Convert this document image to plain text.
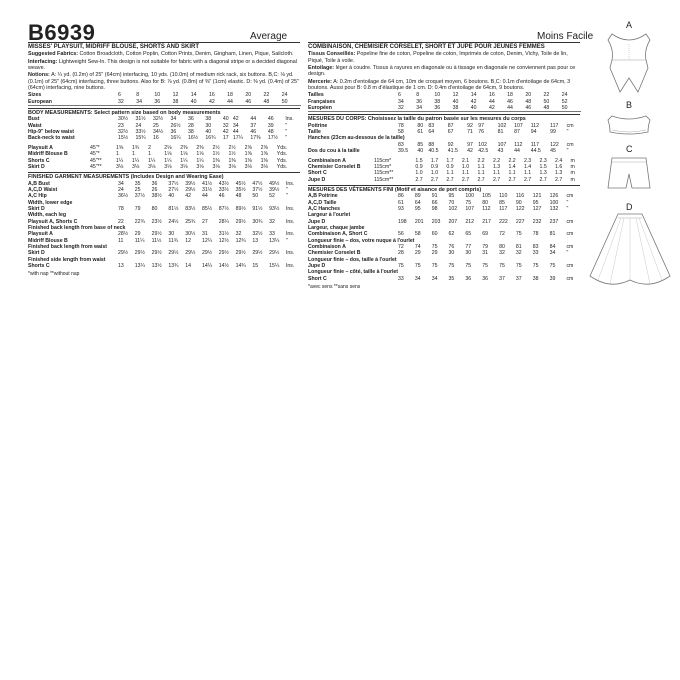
B6939	Average	Moins Facile
MISSES' PLAYSUIT, MIDRIFF BLOUSE, SHORTS AND SKIRT
Suggested Fabrics: Cotton Broadcloth, Cotton Poplin, Cotton Prints, Denim, Gingham, Linen, Pique, Sailcloth.
Interfacing: Lightweight Sew-In. This design is not suitable for fabric with a diagonal stripe or a decided diagonal weave.
Notions: A: ¼ yd. (0.2m) of 25" (64cm) interfacing, 10 yds. (10.0m) of medium rick rack, six buttons. B,C: ⅛ yd. (0.1m) of 25" (64cm) interfacing, three buttons. Also for B: ⅞ yd. (0.8m) of ⅜" (1cm) elastic. D: ⅜ yd. (0.4m) of 25" (64cm) interfacing, nine buttons.
Sizes	6	8	10	12	14	16	18	20	22	24	
European	32	34	36	38	40	42	44	46	48	50	
BODY MEASUREMENTS: Select pattern size based on body measurements
Bust	30½	31½	32½	34	36	38	40	42	44	46	Ins.
Waist	23	24	25	26½	28	30	32	34	37	39	"
Hip-9" below waist	32½	33½	34½	36	38	40	42	44	46	48	"
Back-neck to waist	15½	15¾	16	16¼	16½	16¾	17	17¼	17⅜	17½	"
Playsuit A	45"*	1⅝	1¾	2	2⅛	2⅜	2⅜	2½	2½	2⅝	2⅝	Yds.
Midriff Blouse B	45"*	1	1	1	1⅛	1⅛	1⅛	1½	1½	1⅝	1⅝	Yds.
Shorts C	45"**	1¼	1¼	1¼	1¼	1¼	1¼	1⅜	1⅜	1⅜	1⅜	Yds.
Skirt D	45"**	3⅛	3⅛	3⅛	3⅛	3⅛	3⅛	3⅛	3⅛	3⅛	3⅛	Yds.
FINISHED GARMENT MEASUREMENTS (Includes Design and Wearing Ease)
A,B Bust	34	35	36	37½	39½	41½	43½	45½	47½	49½	Ins.
A,C,D Waist	24	25	26	27½	29½	31½	33½	35½	37½	39½	"
A,C Hip	36½	37½	38½	40	42	44	46	48	50	52	"
Width, lower edge											
Skirt D	78	79	80	81½	83½	85½	87½	89½	91½	93½	Ins.
Width, each leg											
Playsuit A, Shorts C	22	22¾	23½	24½	25¾	27	28¼	29½	30¾	32	Ins.
Finished back length from base of neck											
Playsuit A	28½	29	29½	30	30½	31	31½	32	32½	33	Ins.
Midriff Blouse B	11	11¼	11½	11¾	12	12¼	12½	12¾	13	13¼	"
Finished back length from waist											
Skirt D	29½	29½	29½	29½	29½	29½	29½	29½	29½	29½	Ins.
Finished side length from waist											
Shorts C	13	13¼	13½	13¾	14	14¼	14½	14¾	15	15¼	Ins.
*with nap **without nap
COMBINAISON, CHEMISIER CORSELET, SHORT ET JUPE POUR JEUNES FEMMES
Tissus Conseillés: Popeline fine de coton, Popeline de coton, Imprimés de coton, Denim, Vichy, Toile de lin, Piqué, Toile à voile.
Entoilage: léger à coudre. Tissus à rayures en diagonale ou à tissage en diagonale ne conviennent pas pour ce design.
Mercerie: A: 0.2m d'entoilage de 64 cm, 10m de croquet moyen, 6 boutons. B,C: 0.1m d'entoilage de 64cm, 3 boutons. Aussi pour B: 0.8 m d'élastique de 1 cm. D: 0.4m d'entoilage de 64cm, 9 boutons.
Tailles	6	8	10	12	14	16	18	20	22	24	
Françaises	34	36	38	40	42	44	46	48	50	52	
Européen	32	34	36	38	40	42	44	46	48	50	
MESURES DU CORPS: Choisissez la taille du patron basée sur les mesures du corps
Poitrine	78	80	83	87	92	97	102	107	112	117	cm
Taille	58	61	64	67	71	76	81	87	94	99	"
Hanches (23cm au-dessous de la taille)											
	83	85	88	92	97	102	107	112	117	122	cm
Dos du cou à la taille	39.5	40	40.5	41.5	42	42.5	43	44	44.5	45	"
Combinaison A	115cm*	1.5	1.7	1.7	2.1	2.2	2.2	2.2	2.3	2.3	2.4	m
Chemisier Corselet B	115cm*	0.9	0.9	0.9	1.0	1.1	1.3	1.4	1.4	1.5	1.6	m
Short C	115cm**	1.0	1.0	1.1	1.1	1.1	1.1	1.1	1.1	1.3	1.3	m
Jupe D	115cm**	2.7	2.7	2.7	2.7	2.7	2.7	2.7	2.7	2.7	2.7	m
MESURES DES VÊTEMENTS FINI (Motif et aisance de port compris)
A,B Poitrine	86	89	91	95	100	105	110	116	121	126	cm
A,C,D Taille	61	64	66	70	75	80	85	90	95	100	"
A,C Hanches	93	95	98	102	107	112	117	122	127	132	"
Largeur à l'ourlet											
Jupe D	198	201	203	207	212	217	222	227	232	237	cm
Largeur, chaque jambe											
Combinaison A, Short C	56	58	60	62	65	69	72	75	78	81	cm
Longueur finie – dos, votre nuque à l'ourlet											
Combinaison A	72	74	75	76	77	79	80	81	83	84	cm
Chemisier Corselet B	28	29	29	30	30	31	32	32	33	34	"
Longueur finie – dos, taille à l'ourlet											
Jupe D	75	75	75	75	75	75	75	75	75	75	cm
Longueur finie – côté, taille à l'ourlet											
Short C	33	34	34	35	36	36	37	37	38	39	cm
*avec sens **sans sens
A
B
C
D
